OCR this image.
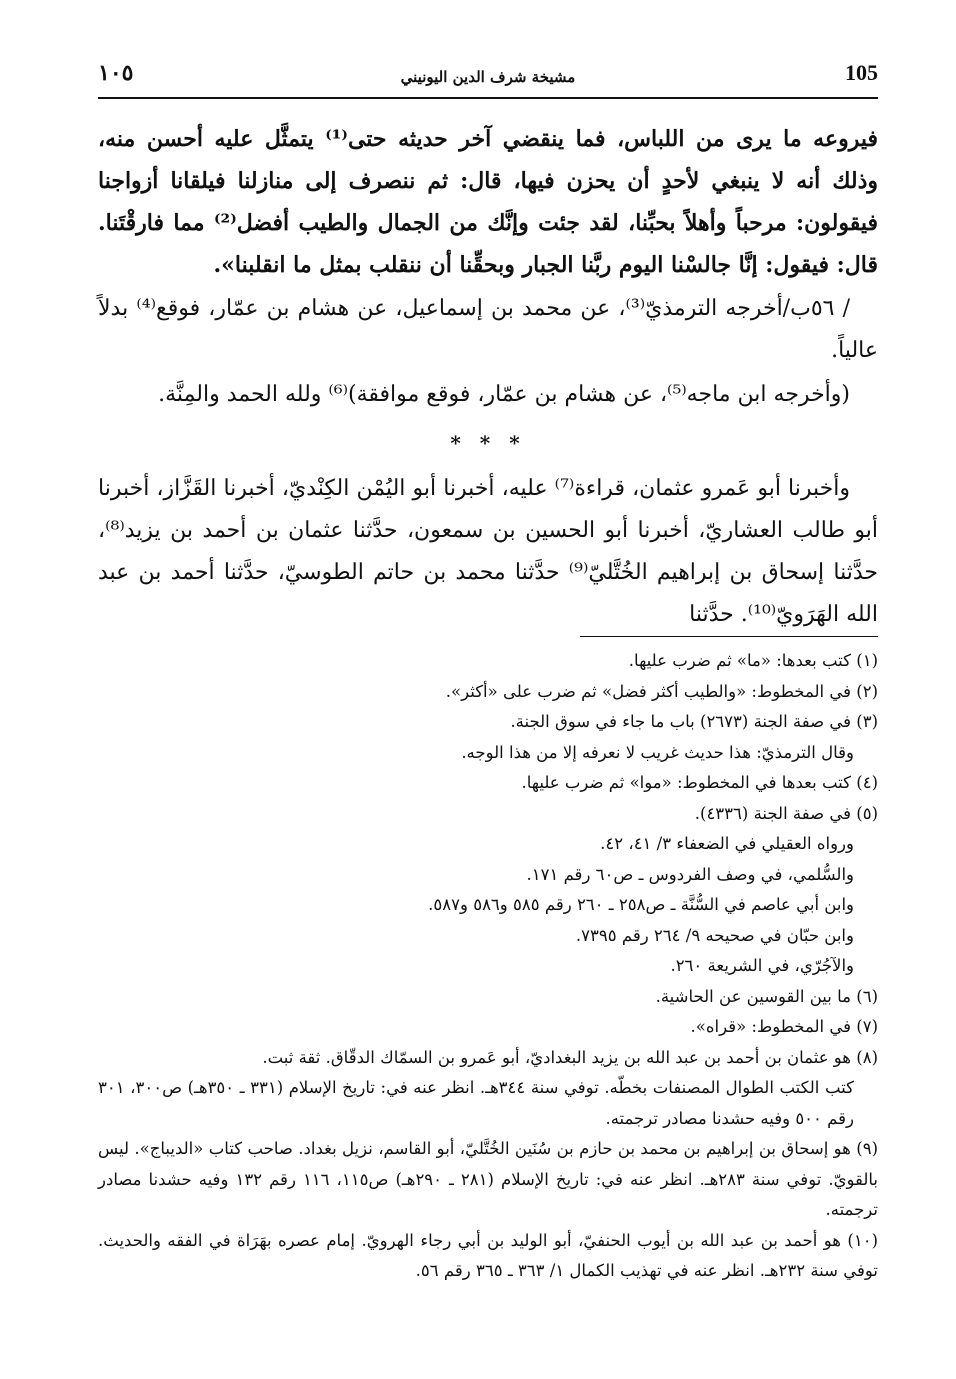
١٠٥	مشيخة شرف الدين اليونيني	105

فيروعه ما يرى من اللباس، فما ينقضي آخر حديثه حتى⁽¹⁾ يتمثَّل عليه أحسن منه، وذلك أنه لا ينبغي لأحدٍ أن يحزن فيها، قال: ثم ننصرف إلى منازلنا فيلقانا أزواجنا فيقولون: مرحباً وأهلاً بحبِّنا، لقد جئت وإنَّك من الجمال والطيب أفضل⁽²⁾ مما فارقْتَنا. قال: فيقول: إنَّا جالسْنا اليوم ربَّنا الجبار وبحقِّنا أن ننقلب بمثل ما انقلبنا».

/ ٥٦ب/أخرجه الترمذيّ⁽³⁾، عن محمد بن إسماعيل، عن هشام بن عمّار، فوقع⁽⁴⁾ بدلاً عالياً.

(وأخرجه ابن ماجه⁽⁵⁾، عن هشام بن عمّار، فوقع موافقة)⁽⁶⁾ ولله الحمد والمِنَّة.

* * *

وأخبرنا أبو عَمرو عثمان، قراءة⁽⁷⁾ عليه، أخبرنا أبو اليُمْن الكِنْديّ، أخبرنا القَزَّاز، أخبرنا أبو طالب العشاريّ، أخبرنا أبو الحسين بن سمعون، حدَّثنا عثمان بن أحمد بن يزيد⁽⁸⁾، حدَّثنا إسحاق بن إبراهيم الخُتَّليّ⁽⁹⁾ حدَّثنا محمد بن حاتم الطوسيّ، حدَّثنا أحمد بن عبد الله الهَرَويّ⁽¹⁰⁾. حدَّثنا

(١) كتب بعدها: «ما» ثم ضرب عليها.

(٢) في المخطوط: «والطيب أكثر فضل» ثم ضرب على «أكثر».

(٣) في صفة الجنة (٢٦٧٣) باب ما جاء في سوق الجنة.

وقال الترمذيّ: هذا حديث غريب لا نعرفه إلا من هذا الوجه.

(٤) كتب بعدها في المخطوط: «موا» ثم ضرب عليها.

(٥) في صفة الجنة (٤٣٣٦).

ورواه العقيلي في الضعفاء ٣/ ٤١، ٤٢.

والسُّلمي، في وصف الفردوس ـ ص٦٠ رقم ١٧١.

وابن أبي عاصم في السُّنَّة ـ ص٢٥٨ ـ ٢٦٠ رقم ٥٨٥ و٥٨٦ و٥٨٧.

وابن حبّان في صحيحه ٩/ ٢٦٤ رقم ٧٣٩٥.

والآجُرّي، في الشريعة ٢٦٠.

(٦) ما بين القوسين عن الحاشية.

(٧) في المخطوط: «قراه».

(٨) هو عثمان بن أحمد بن عبد الله بن يزيد البغداديّ، أبو عَمرو بن السمّاك الدقّاق. ثقة ثبت.

كتب الكتب الطوال المصنفات بخطّه. توفي سنة ٣٤٤هـ. انظر عنه في: تاريخ الإسلام (٣٣١ ـ ٣٥٠هـ) ص٣٠٠، ٣٠١ رقم ٥٠٠ وفيه حشدنا مصادر ترجمته.

(٩) هو إسحاق بن إبراهيم بن محمد بن حازم بن سُنَين الخُتَّليّ، أبو القاسم، نزيل بغداد. صاحب كتاب «الديباج». ليس بالقويّ. توفي سنة ٢٨٣هـ. انظر عنه في: تاريخ الإسلام (٢٨١ ـ ٢٩٠هـ) ص١١٥، ١١٦ رقم ١٣٢ وفيه حشدنا مصادر ترجمته.

(١٠) هو أحمد بن عبد الله بن أيوب الحنفيّ، أبو الوليد بن أبي رجاء الهرويّ. إمام عصره بهَرَاة في الفقه والحديث. توفي سنة ٢٣٢هـ. انظر عنه في تهذيب الكمال ١/ ٣٦٣ ـ ٣٦٥ رقم ٥٦.
